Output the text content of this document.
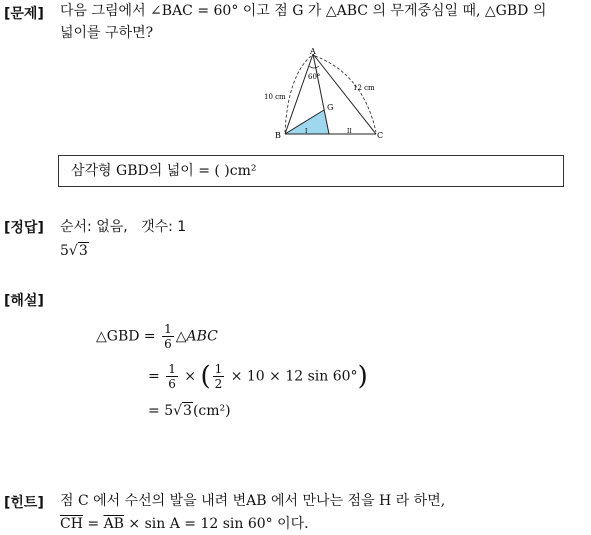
[문제] 다음 그림에서 ∠BAC = 60° 이고 점 G 가 △ABC 의 무게중심일 때, △GBD 의
넓이를 구하면?
A
B	C
G
60°
10 cm
12 cm
I	II
삼각형 GBD의 넓이 = ( )cm²
[정답] 순서: 없음,   갯수: 1
5√3
[해설]
△GBD = $\frac{1}{6}$ △ABC
= $\frac{1}{6}$ × ( $\frac{1}{2} \times 10 \times 12$ sin 60°)
= 5√3(cm²)
[힌트] 점 C 에서 수선의 발을 내려 변AB 에서 만나는 점을 H 라 하면,
$\overline{CH} = \overline{AB} \times \sin A = 12$ sin 60° 이다.
